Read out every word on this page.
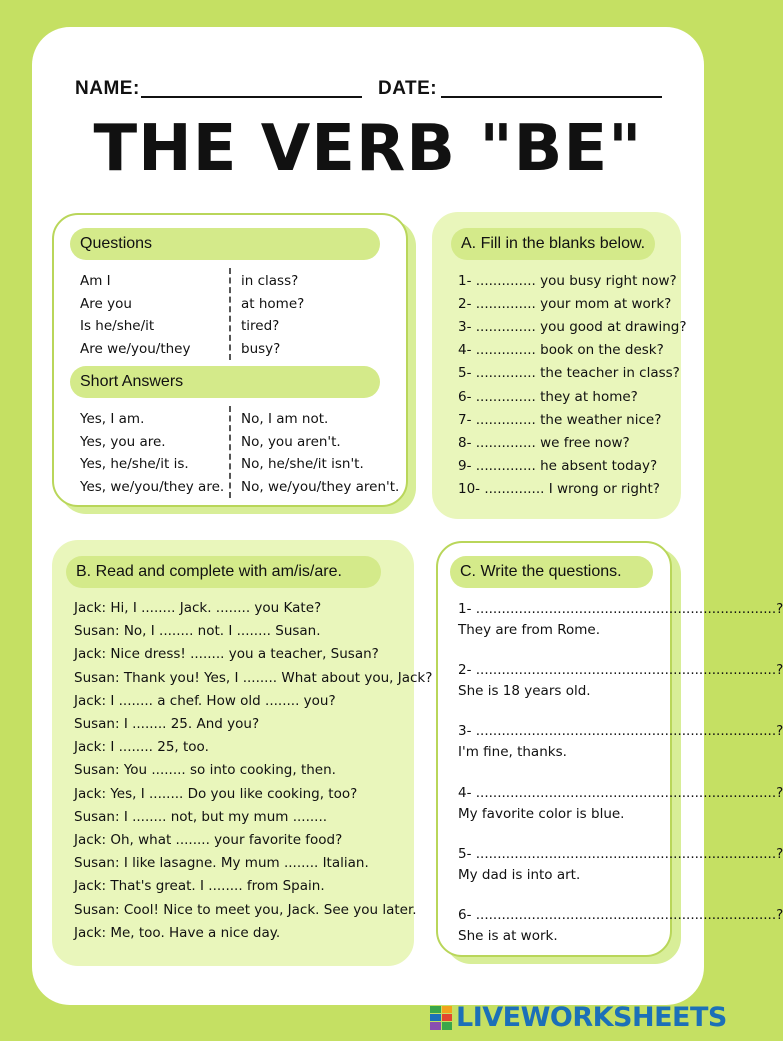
NAME:	DATE:
THE VERB "BE"
Questions
Am I
Are you
Is he/she/it
Are we/you/they
in class?
at home?
tired?
busy?
Short Answers
Yes, I am.
Yes, you are.
Yes, he/she/it is.
Yes, we/you/they are.
No, I am not.
No, you aren't.
No, he/she/it isn't.
No, we/you/they aren't.
A. Fill in the blanks below.
1- .............. you busy right now?
2- .............. your mom at work?
3- .............. you good at drawing?
4- .............. book on the desk?
5- .............. the teacher in class?
6- .............. they at home?
7- .............. the weather nice?
8- .............. we free now?
9- .............. he absent today?
10- .............. I wrong or right?
B. Read and complete with am/is/are.
Jack: Hi, I ........ Jack. ........ you Kate?
Susan: No, I ........ not. I ........ Susan.
Jack: Nice dress! ........ you a teacher, Susan?
Susan: Thank you! Yes, I ........ What about you, Jack?
Jack: I ........ a chef. How old ........ you?
Susan: I ........ 25. And you?
Jack: I ........ 25, too.
Susan: You ........ so into cooking, then.
Jack: Yes, I ........ Do you like cooking, too?
Susan: I ........ not, but my mum ........
Jack: Oh, what ........ your favorite food?
Susan: I like lasagne. My mum ........ Italian.
Jack: That's great. I ........ from Spain.
Susan: Cool! Nice to meet you, Jack. See you later.
Jack: Me, too. Have a nice day.
C. Write the questions.
1- ......................................................................?
They are from Rome.
2- ......................................................................?
She is 18 years old.
3- ......................................................................?
I'm fine, thanks.
4- ......................................................................?
My favorite color is blue.
5- ......................................................................?
My dad is into art.
6- ......................................................................?
She is at work.
LIVEWORKSHEETS
